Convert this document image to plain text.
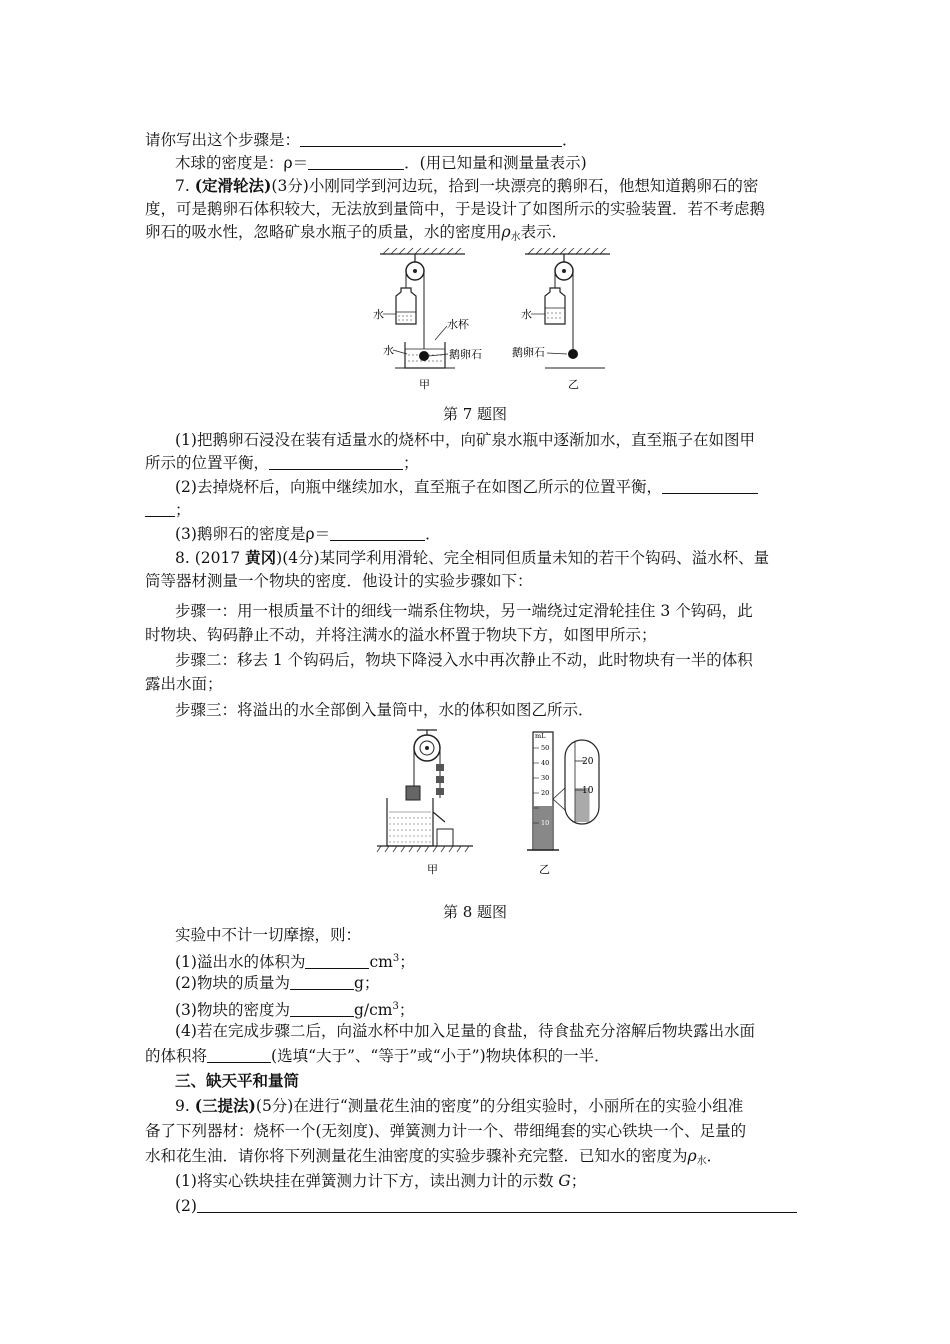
请你写出这个步骤是：	．
木球的密度是：ρ＝	．(用已知量和测量量表示)
7. (定滑轮法)(3分)小刚同学到河边玩，拾到一块漂亮的鹅卵石，他想知道鹅卵石的密
度，可是鹅卵石体积较大，无法放到量筒中，于是设计了如图所示的实验装置．若不考虑鹅
卵石的吸水性，忽略矿泉水瓶子的质量，水的密度用$\rho_水$表示．
水
水杯
水	鹅卵石
甲
水
鹅卵石
乙
第 7 题图
(1)把鹅卵石浸没在装有适量水的烧杯中，向矿泉水瓶中逐渐加水，直至瓶子在如图甲
所示的位置平衡，	；
(2)去掉烧杯后，向瓶中继续加水，直至瓶子在如图乙所示的位置平衡，
；
(3)鹅卵石的密度是ρ＝	．
8. (2017 黄冈)(4分)某同学利用滑轮、完全相同但质量未知的若干个钩码、溢水杯、量
筒等器材测量一个物块的密度．他设计的实验步骤如下：
步骤一：用一根质量不计的细线一端系住物块，另一端绕过定滑轮挂住 3 个钩码，此
时物块、钩码静止不动，并将注满水的溢水杯置于物块下方，如图甲所示；
步骤二：移去 1 个钩码后，物块下降浸入水中再次静止不动，此时物块有一半的体积
露出水面；
步骤三：将溢出的水全部倒入量筒中，水的体积如图乙所示．
甲
mL
50
40
30
20
10
20
10
乙
第 8 题图
实验中不计一切摩擦，则：
(1)溢出水的体积为	$cm^3$；
(2)物块的质量为	g；
(3)物块的密度为	$g/cm^3$；
(4)若在完成步骤二后，向溢水杯中加入足量的食盐，待食盐充分溶解后物块露出水面
的体积将	(选填“大于”、“等于”或“小于”)物块体积的一半．
三、缺天平和量筒
9. (三提法)(5分)在进行“测量花生油的密度”的分组实验时，小丽所在的实验小组准
备了下列器材：烧杯一个(无刻度)、弹簧测力计一个、带细绳套的实心铁块一个、足量的
水和花生油．请你将下列测量花生油密度的实验步骤补充完整．已知水的密度为$\rho_水$．
(1)将实心铁块挂在弹簧测力计下方，读出测力计的示数 G；
(2)
